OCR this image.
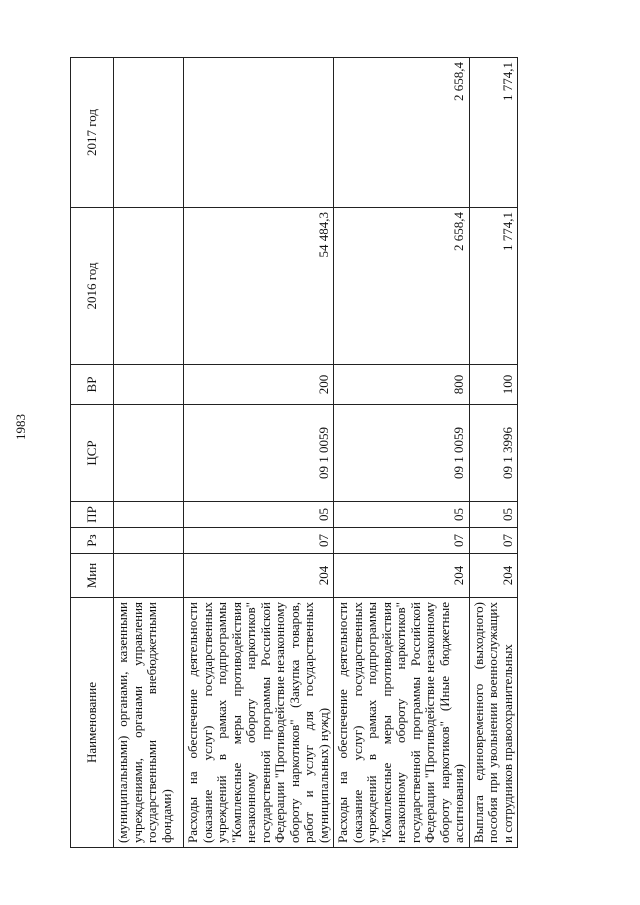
1983
Наименование	Мин	Рз	ПР	ЦСР	ВР	2016 год	2017 год
(муниципальными) органами, казенными учреждениями, органами управления государственными внебюджетными фондами)							
Расходы на обеспечение деятельности (оказание услуг) государственных учреждений в рамках подпрограммы "Комплексные меры противодействия незаконному обороту наркотиков" государственной программы Российской Федерации "Противодействие незаконному обороту наркотиков" (Закупка товаров, работ и услуг для государственных (муниципальных) нужд)	204	07	05	09 1 0059	200	54 484,3	
Расходы на обеспечение деятельности (оказание услуг) государственных учреждений в рамках подпрограммы "Комплексные меры противодействия незаконному обороту наркотиков" государственной программы Российской Федерации "Противодействие незаконному обороту наркотиков" (Иные бюджетные ассигнования)	204	07	05	09 1 0059	800	2 658,4	2 658,4
Выплата единовременного (выходного) пособия при увольнении военнослужащих и сотрудников правоохранительных	204	07	05	09 1 3996	100	1 774,1	1 774,1
